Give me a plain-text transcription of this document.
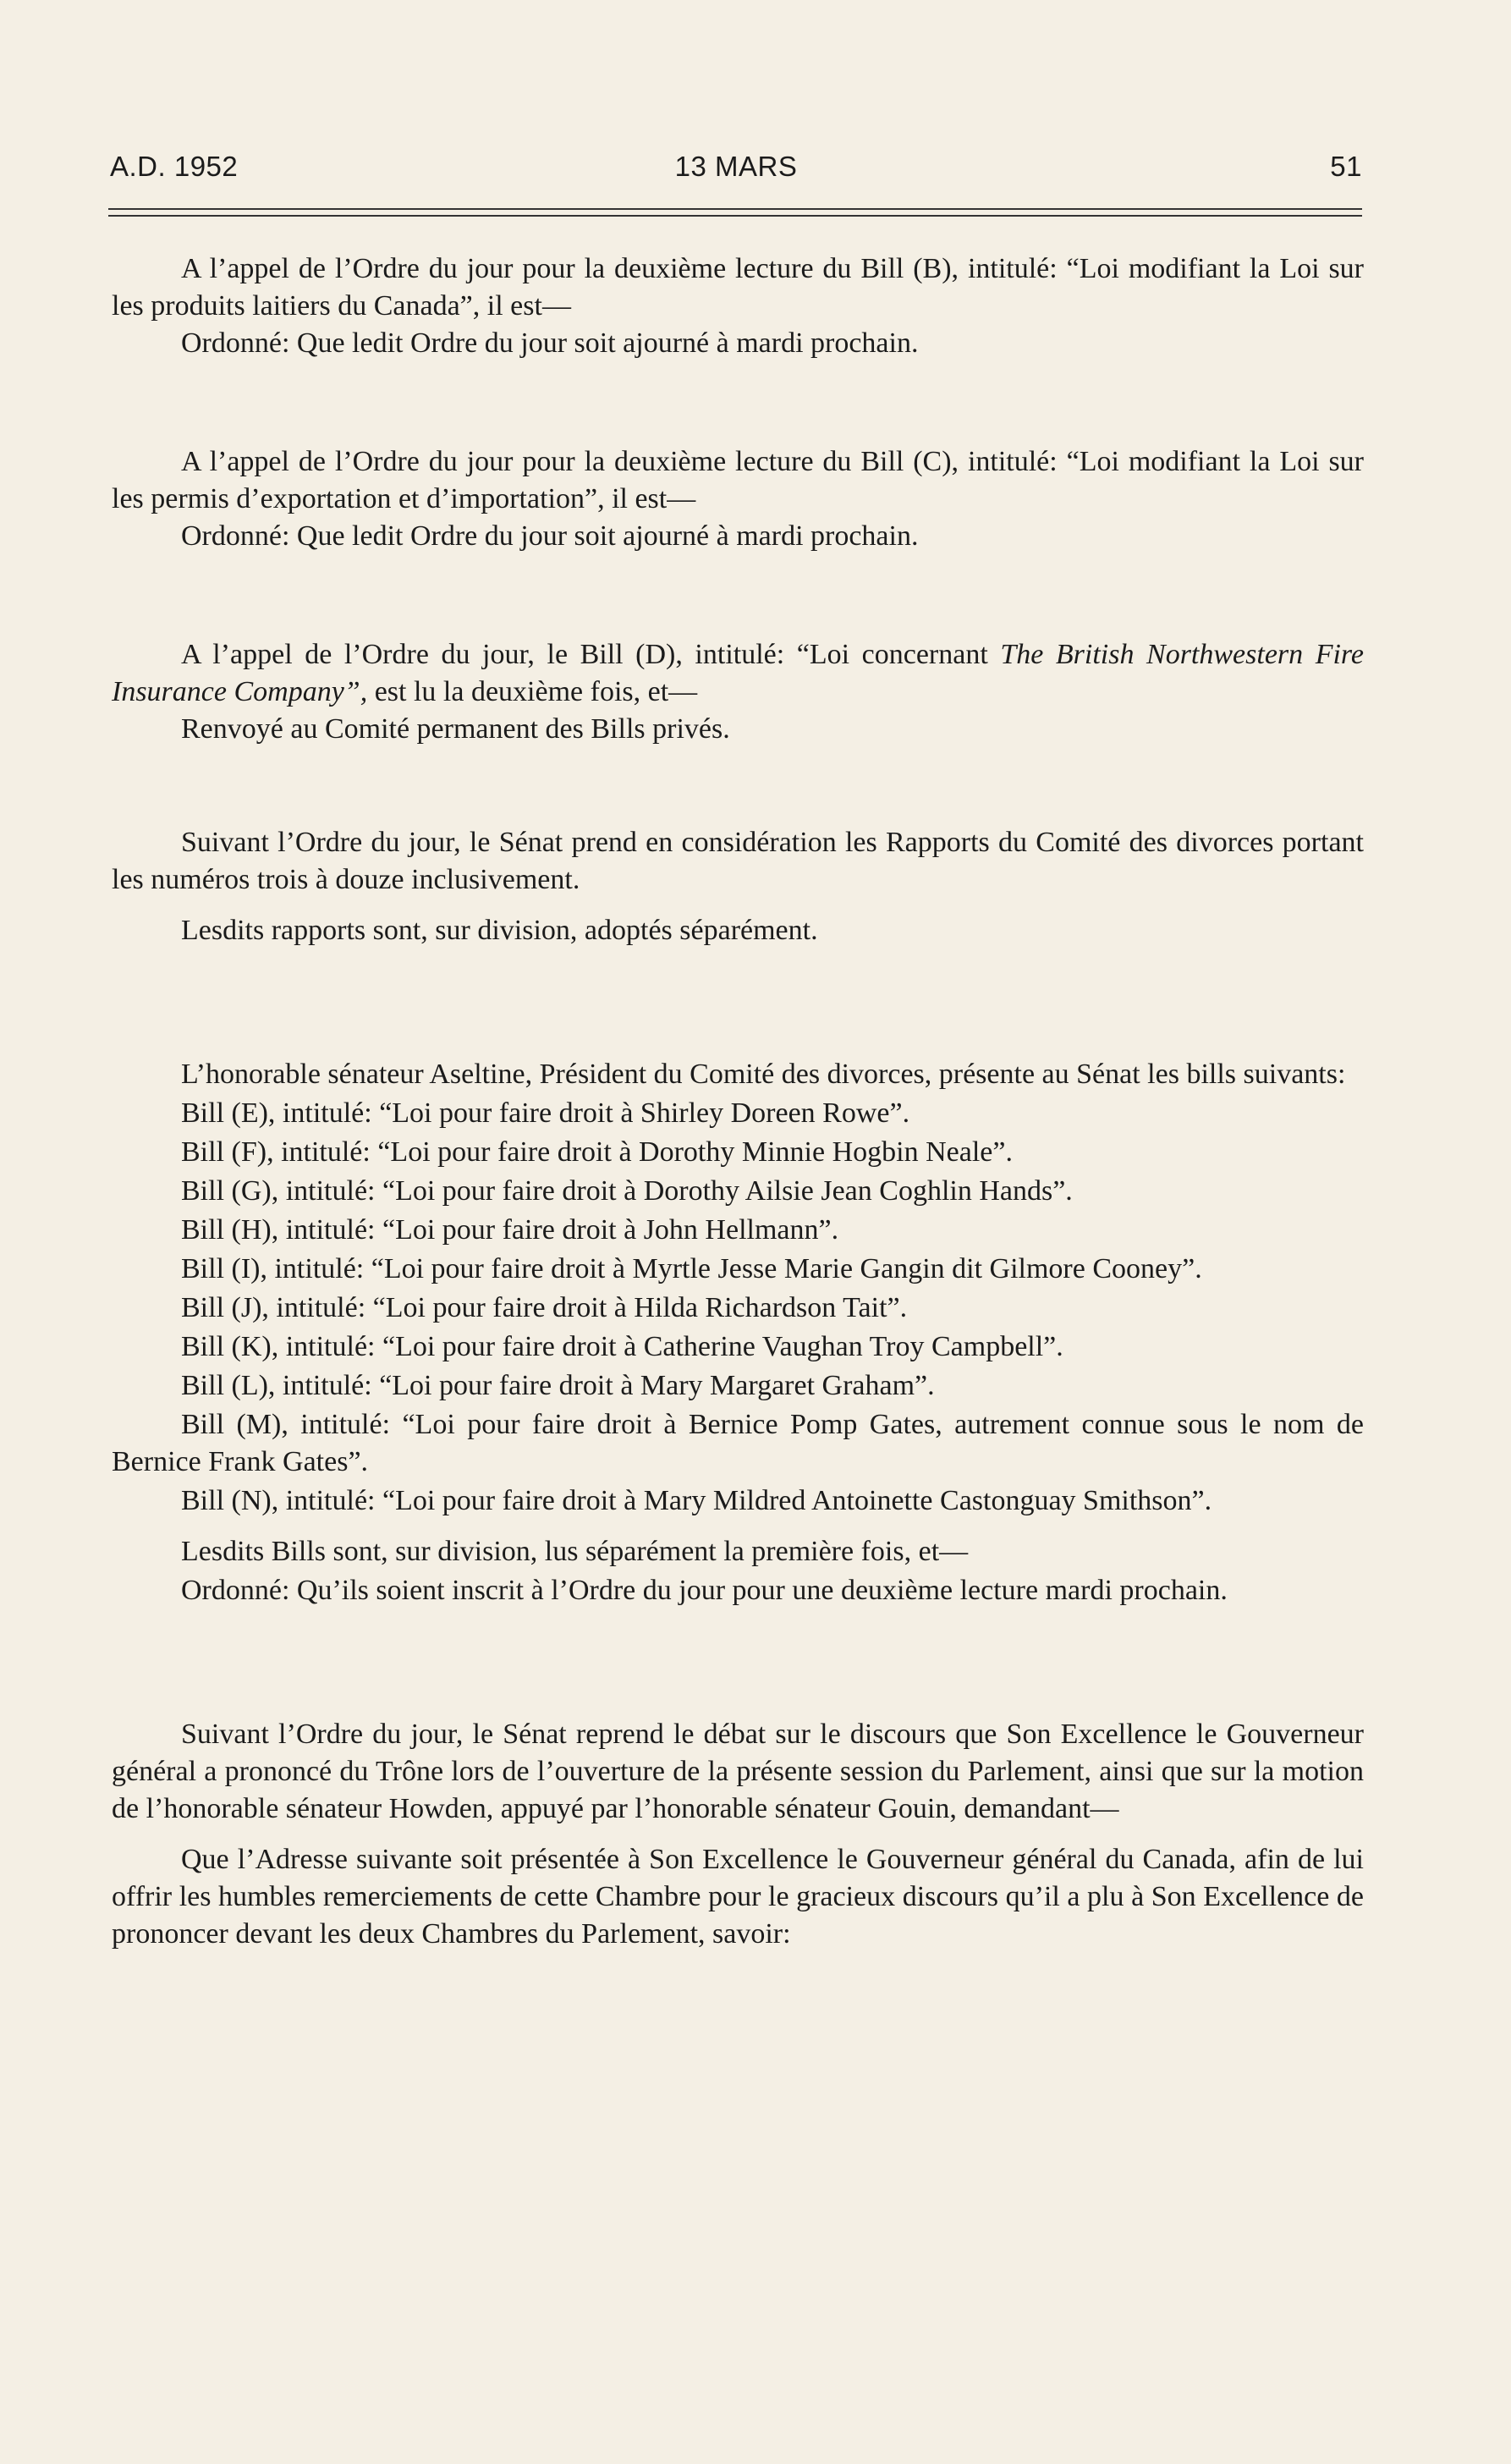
A.D. 1952	13 MARS	51

A l’appel de l’Ordre du jour pour la deuxième lecture du Bill (B), intitulé: “Loi modifiant la Loi sur les produits laitiers du Canada”, il est—

Ordonné: Que ledit Ordre du jour soit ajourné à mardi prochain.

A l’appel de l’Ordre du jour pour la deuxième lecture du Bill (C), intitulé: “Loi modifiant la Loi sur les permis d’exportation et d’importation”, il est—

Ordonné: Que ledit Ordre du jour soit ajourné à mardi prochain.

A l’appel de l’Ordre du jour, le Bill (D), intitulé: “Loi concernant The British Northwestern Fire Insurance Company”, est lu la deuxième fois, et—

Renvoyé au Comité permanent des Bills privés.

Suivant l’Ordre du jour, le Sénat prend en considération les Rapports du Comité des divorces portant les numéros trois à douze inclusivement.

Lesdits rapports sont, sur division, adoptés séparément.

L’honorable sénateur Aseltine, Président du Comité des divorces, présente au Sénat les bills suivants:

Bill (E), intitulé: “Loi pour faire droit à Shirley Doreen Rowe”.

Bill (F), intitulé: “Loi pour faire droit à Dorothy Minnie Hogbin Neale”.

Bill (G), intitulé: “Loi pour faire droit à Dorothy Ailsie Jean Coghlin Hands”.

Bill (H), intitulé: “Loi pour faire droit à John Hellmann”.

Bill (I), intitulé: “Loi pour faire droit à Myrtle Jesse Marie Gangin dit Gilmore Cooney”.

Bill (J), intitulé: “Loi pour faire droit à Hilda Richardson Tait”.

Bill (K), intitulé: “Loi pour faire droit à Catherine Vaughan Troy Campbell”.

Bill (L), intitulé: “Loi pour faire droit à Mary Margaret Graham”.

Bill (M), intitulé: “Loi pour faire droit à Bernice Pomp Gates, autrement connue sous le nom de Bernice Frank Gates”.

Bill (N), intitulé: “Loi pour faire droit à Mary Mildred Antoinette Castonguay Smithson”.

Lesdits Bills sont, sur division, lus séparément la première fois, et—

Ordonné: Qu’ils soient inscrit à l’Ordre du jour pour une deuxième lecture mardi prochain.

Suivant l’Ordre du jour, le Sénat reprend le débat sur le discours que Son Excellence le Gouverneur général a prononcé du Trône lors de l’ouverture de la présente session du Parlement, ainsi que sur la motion de l’honorable sénateur Howden, appuyé par l’honorable sénateur Gouin, demandant—

Que l’Adresse suivante soit présentée à Son Excellence le Gouverneur général du Canada, afin de lui offrir les humbles remerciements de cette Chambre pour le gracieux discours qu’il a plu à Son Excellence de prononcer devant les deux Chambres du Parlement, savoir:
